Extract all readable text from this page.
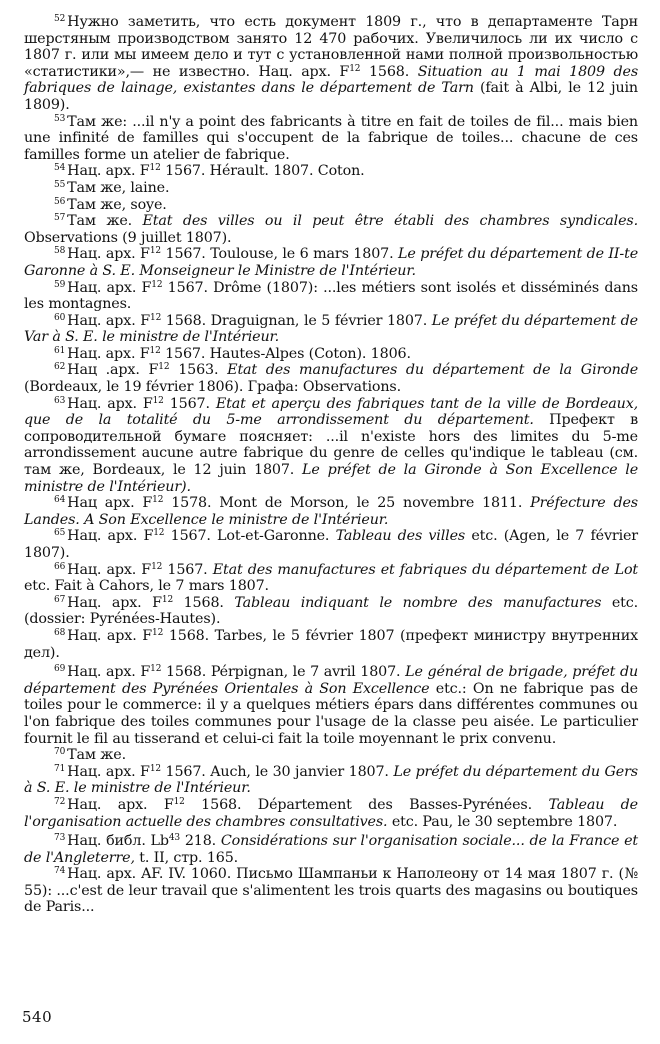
$^{52}$ Нужно заметить, что есть документ 1809 г., что в департаменте Тарн шерстяным производством занято 12 470 рабочих. Увеличилось ли их число с 1807 г. или мы имеем дело и тут с установленной нами полной произвольностью «статистики»,— не известно. Нац. арх. $F^{12}$ 1568. Situation au 1 mai 1809 des fabriques de lainage, existantes dans le département de Tarn (fait à Albi, le 12 juin 1809).

$^{53}$ Там же: ...il n'y a point des fabricants à titre en fait de toiles de fil... mais bien une infinité de familles qui s'occupent de la fabrique de toiles... chacune de ces familles forme un atelier de fabrique.

$^{54}$ Нац. арх. $F^{12}$ 1567. Hérault. 1807. Coton.

$^{55}$ Там же, laine.

$^{56}$ Там же, soye.

$^{57}$ Там же. Etat des villes ou il peut être établi des chambres syndicales. Observations (9 juillet 1807).

$^{58}$ Нац. арх. $F^{12}$ 1567. Toulouse, le 6 mars 1807. Le préfet du département de II-te Garonne à S. E. Monseigneur le Ministre de l'Intérieur.

$^{59}$ Нац. арх. $F^{12}$ 1567. Drôme (1807): ...les métiers sont isolés et disséminés dans les montagnes.

$^{60}$ Нац. арх. $F^{12}$ 1568. Draguignan, le 5 février 1807. Le préfet du département de Var à S. E. le ministre de l'Intérieur.

$^{61}$ Нац. арх. $F^{12}$ 1567. Hautes-Alpes (Coton). 1806.

$^{62}$ Нац .арх. $F^{12}$ 1563. Etat des manufactures du département de la Gironde (Bordeaux, le 19 février 1806). Графа: Observations.

$^{63}$ Нац. арх. $F^{12}$ 1567. Etat et aperçu des fabriques tant de la ville de Bordeaux, que de la totalité du 5-me arrondissement du département. Префект в сопроводительной бумаге поясняет: ...il n'existe hors des limites du 5-me arrondissement aucune autre fabrique du genre de celles qu'indique le tableau (см. там же, Bordeaux, le 12 juin 1807. Le préfet de la Gironde à Son Excellence le ministre de l'Intérieur).

$^{64}$ Нац арх. $F^{12}$ 1578. Mont de Morson, le 25 novembre 1811. Préfecture des Landes. A Son Excellence le ministre de l'Intérieur.

$^{65}$ Нац. арх. $F^{12}$ 1567. Lot-et-Garonne. Tableau des villes etc. (Agen, le 7 février 1807).

$^{66}$ Нац. арх. $F^{12}$ 1567. Etat des manufactures et fabriques du département de Lot etc. Fait à Cahors, le 7 mars 1807.

$^{67}$ Нац. арх. $F^{12}$ 1568. Tableau indiquant le nombre des manufactures etc. (dossier: Pyrénées-Hautes).

$^{68}$ Нац. арх. $F^{12}$ 1568. Tarbes, le 5 février 1807 (префект министру внутренних дел).

$^{69}$ Нац. арх. $F^{12}$ 1568. Pérpignan, le 7 avril 1807. Le général de brigade, préfet du département des Pyrénées Orientales à Son Excellence etc.: On ne fabrique pas de toiles pour le commerce: il y a quelques métiers épars dans différentes communes ou l'on fabrique des toiles communes pour l'usage de la classe peu aisée. Le particulier fournit le fil au tisserand et celui-ci fait la toile moyennant le prix convenu.

$^{70}$ Там же.

$^{71}$ Нац. арх. $F^{12}$ 1567. Auch, le 30 janvier 1807. Le préfet du département du Gers à S. E. le ministre de l'Intérieur.

$^{72}$ Нац. арх. $F^{12}$ 1568. Département des Basses-Pyrénées. Tableau de l'organisation actuelle des chambres consultatives. etc. Pau, le 30 septembre 1807.

$^{73}$ Нац. библ. Lb$^{43}$ 218. Considérations sur l'organisation sociale... de la France et de l'Angleterre, t. II, стр. 165.

$^{74}$ Нац. арх. AF. IV. 1060. Письмо Шампаньи к Наполеону от 14 мая 1807 г. (№ 55): ...c'est de leur travail que s'alimentent les trois quarts des magasins ou boutiques de Paris...

540
